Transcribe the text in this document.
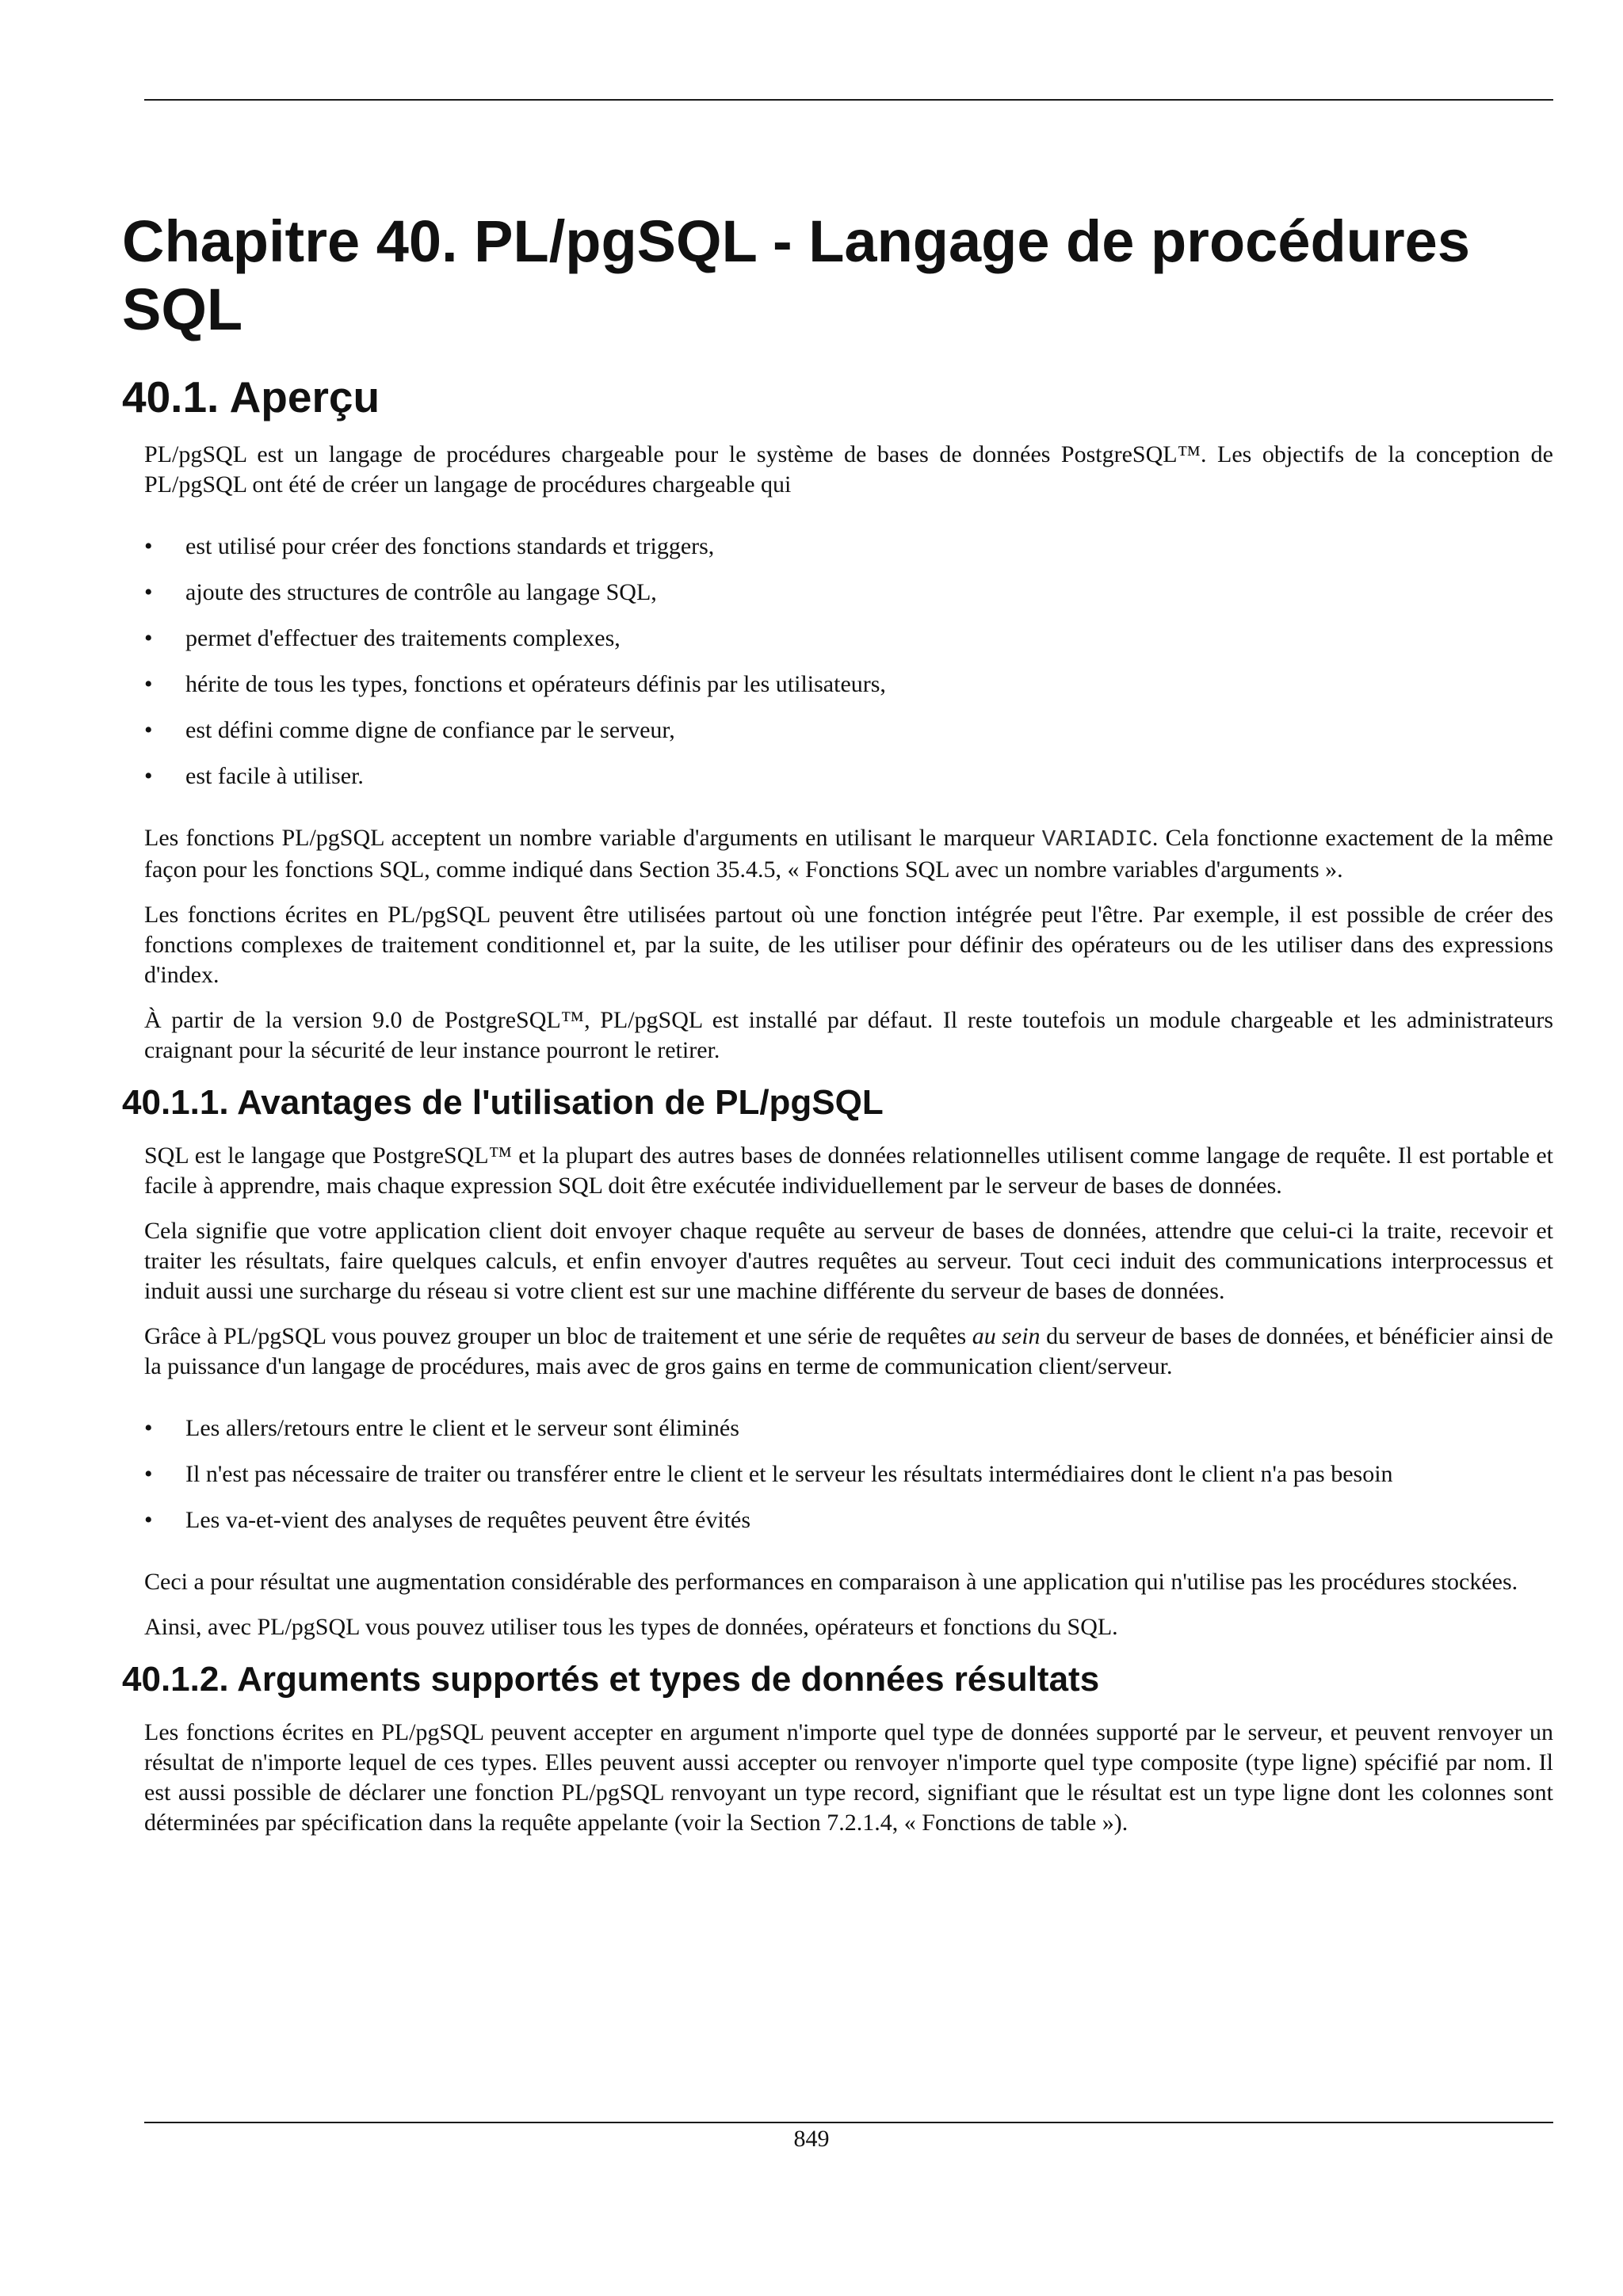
Chapitre 40. PL/pgSQL - Langage de procédures SQL
40.1. Aperçu

PL/pgSQL est un langage de procédures chargeable pour le système de bases de données PostgreSQL™. Les objectifs de la conception de PL/pgSQL ont été de créer un langage de procédures chargeable qui

• est utilisé pour créer des fonctions standards et triggers,
• ajoute des structures de contrôle au langage SQL,
• permet d'effectuer des traitements complexes,
• hérite de tous les types, fonctions et opérateurs définis par les utilisateurs,
• est défini comme digne de confiance par le serveur,
• est facile à utiliser.

Les fonctions PL/pgSQL acceptent un nombre variable d'arguments en utilisant le marqueur VARIADIC. Cela fonctionne exactement de la même façon pour les fonctions SQL, comme indiqué dans Section 35.4.5, « Fonctions SQL avec un nombre variables d'arguments ».

Les fonctions écrites en PL/pgSQL peuvent être utilisées partout où une fonction intégrée peut l'être. Par exemple, il est possible de créer des fonctions complexes de traitement conditionnel et, par la suite, de les utiliser pour définir des opérateurs ou de les utiliser dans des expressions d'index.

À partir de la version 9.0 de PostgreSQL™, PL/pgSQL est installé par défaut. Il reste toutefois un module chargeable et les administrateurs craignant pour la sécurité de leur instance pourront le retirer.

40.1.1. Avantages de l'utilisation de PL/pgSQL

SQL est le langage que PostgreSQL™ et la plupart des autres bases de données relationnelles utilisent comme langage de requête. Il est portable et facile à apprendre, mais chaque expression SQL doit être exécutée individuellement par le serveur de bases de données.

Cela signifie que votre application client doit envoyer chaque requête au serveur de bases de données, attendre que celui-ci la traite, recevoir et traiter les résultats, faire quelques calculs, et enfin envoyer d'autres requêtes au serveur. Tout ceci induit des communications interprocessus et induit aussi une surcharge du réseau si votre client est sur une machine différente du serveur de bases de données.

Grâce à PL/pgSQL vous pouvez grouper un bloc de traitement et une série de requêtes au sein du serveur de bases de données, et bénéficier ainsi de la puissance d'un langage de procédures, mais avec de gros gains en terme de communication client/serveur.

• Les allers/retours entre le client et le serveur sont éliminés
• Il n'est pas nécessaire de traiter ou transférer entre le client et le serveur les résultats intermédiaires dont le client n'a pas besoin
• Les va-et-vient des analyses de requêtes peuvent être évités

Ceci a pour résultat une augmentation considérable des performances en comparaison à une application qui n'utilise pas les procédures stockées.

Ainsi, avec PL/pgSQL vous pouvez utiliser tous les types de données, opérateurs et fonctions du SQL.

40.1.2. Arguments supportés et types de données résultats

Les fonctions écrites en PL/pgSQL peuvent accepter en argument n'importe quel type de données supporté par le serveur, et peuvent renvoyer un résultat de n'importe lequel de ces types. Elles peuvent aussi accepter ou renvoyer n'importe quel type composite (type ligne) spécifié par nom. Il est aussi possible de déclarer une fonction PL/pgSQL renvoyant un type record, signifiant que le résultat est un type ligne dont les colonnes sont déterminées par spécification dans la requête appelante (voir la Section 7.2.1.4, « Fonctions de table »).

849
